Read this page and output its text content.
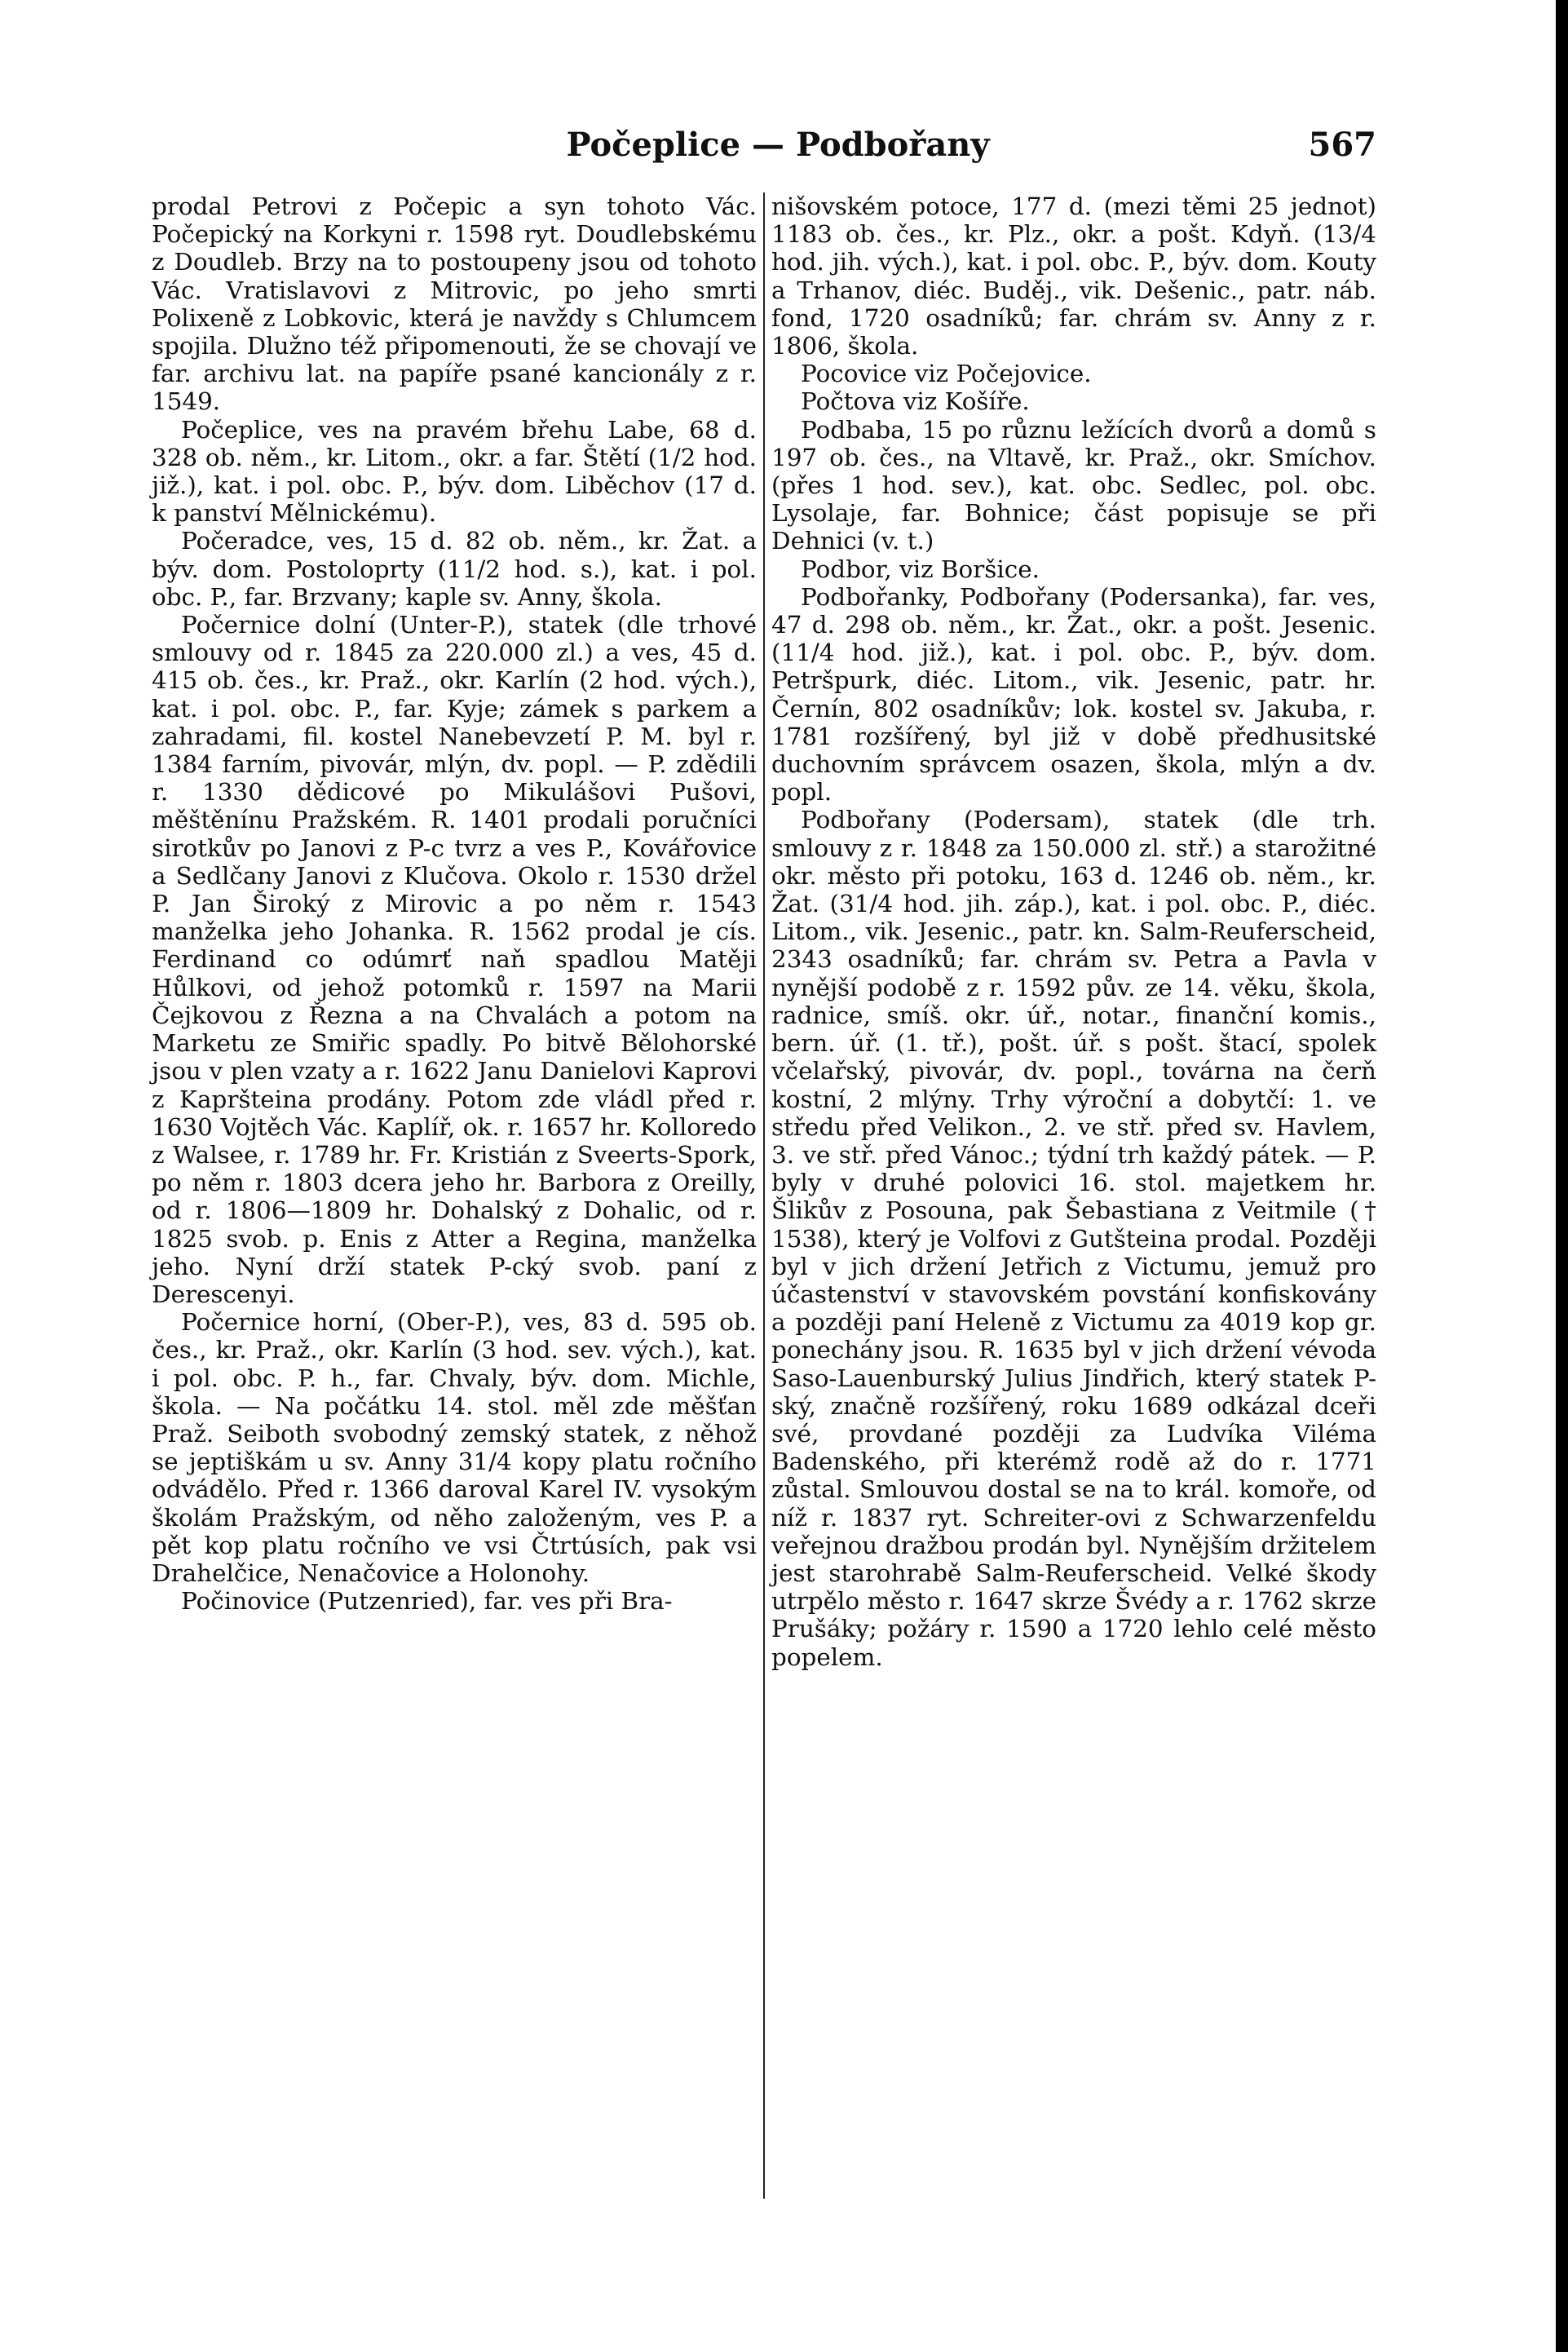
Počeplice — Podbořany	567

prodal Petrovi z Počepic a syn tohoto Vác. Počepický na Korkyni r. 1598 ryt. Doudlebskému z Doudleb. Brzy na to postoupeny jsou od tohoto Vác. Vratislavovi z Mitrovic, po jeho smrti Polixeně z Lobkovic, která je navždy s Chlumcem spojila. Dlužno též připomenouti, že se chovají ve far. archivu lat. na papíře psané kancionály z r. 1549.

Počeplice, ves na pravém břehu Labe, 68 d. 328 ob. něm., kr. Litom., okr. a far. Štětí (1/2 hod. již.), kat. i pol. obc. P., býv. dom. Liběchov (17 d. k panství Mělnickému).

Počeradce, ves, 15 d. 82 ob. něm., kr. Žat. a býv. dom. Postoloprty (11/2 hod. s.), kat. i pol. obc. P., far. Brzvany; kaple sv. Anny, škola.

Počernice dolní (Unter-P.), statek (dle trhové smlouvy od r. 1845 za 220.000 zl.) a ves, 45 d. 415 ob. čes., kr. Praž., okr. Karlín (2 hod. vých.), kat. i pol. obc. P., far. Kyje; zámek s parkem a zahradami, fil. kostel Nanebevzetí P. M. byl r. 1384 farním, pivovár, mlýn, dv. popl. — P. zdědili r. 1330 dědicové po Mikulášovi Pušovi, měštěnínu Pražském. R. 1401 prodali poručníci sirotkův po Janovi z P-c tvrz a ves P., Kovářovice a Sedlčany Janovi z Klučova. Okolo r. 1530 držel P. Jan Široký z Mirovic a po něm r. 1543 manželka jeho Johanka. R. 1562 prodal je cís. Ferdinand co odúmrť naň spadlou Matěji Hůlkovi, od jehož potomků r. 1597 na Marii Čejkovou z Řezna a na Chvalách a potom na Marketu ze Smiřic spadly. Po bitvě Bělohorské jsou v plen vzaty a r. 1622 Janu Danielovi Kaprovi z Kapršteina prodány. Potom zde vládl před r. 1630 Vojtěch Vác. Kaplíř, ok. r. 1657 hr. Kolloredo z Walsee, r. 1789 hr. Fr. Kristián z Sveerts-Spork, po něm r. 1803 dcera jeho hr. Barbora z Oreilly, od r. 1806—1809 hr. Dohalský z Dohalic, od r. 1825 svob. p. Enis z Atter a Regina, manželka jeho. Nyní drží statek P-cký svob. paní z Derescenyi.

Počernice horní, (Ober-P.), ves, 83 d. 595 ob. čes., kr. Praž., okr. Karlín (3 hod. sev. vých.), kat. i pol. obc. P. h., far. Chvaly, býv. dom. Michle, škola. — Na počátku 14. stol. měl zde měšťan Praž. Seiboth svobodný zemský statek, z něhož se jeptiškám u sv. Anny 31/4 kopy platu ročního odvádělo. Před r. 1366 daroval Karel IV. vysokým školám Pražským, od něho založeným, ves P. a pět kop platu ročního ve vsi Čtrtúsích, pak vsi Drahelčice, Nenačovice a Holonohy.

Počinovice (Putzenried), far. ves při Bra-

nišovském potoce, 177 d. (mezi těmi 25 jednot) 1183 ob. čes., kr. Plz., okr. a pošt. Kdyň. (13/4 hod. jih. vých.), kat. i pol. obc. P., býv. dom. Kouty a Trhanov, diéc. Buděj., vik. Dešenic., patr. náb. fond, 1720 osadníků; far. chrám sv. Anny z r. 1806, škola.

Pocovice viz Počejovice.

Počtova viz Košíře.

Podbaba, 15 po různu ležících dvorů a domů s 197 ob. čes., na Vltavě, kr. Praž., okr. Smíchov. (přes 1 hod. sev.), kat. obc. Sedlec, pol. obc. Lysolaje, far. Bohnice; část popisuje se při Dehnici (v. t.)

Podbor, viz Boršice.

Podbořanky, Podbořany (Podersanka), far. ves, 47 d. 298 ob. něm., kr. Žat., okr. a pošt. Jesenic. (11/4 hod. již.), kat. i pol. obc. P., býv. dom. Petršpurk, diéc. Litom., vik. Jesenic, patr. hr. Černín, 802 osadníkův; lok. kostel sv. Jakuba, r. 1781 rozšířený, byl již v době předhusitské duchovním správcem osazen, škola, mlýn a dv. popl.

Podbořany (Podersam), statek (dle trh. smlouvy z r. 1848 za 150.000 zl. stř.) a starožitné okr. město při potoku, 163 d. 1246 ob. něm., kr. Žat. (31/4 hod. jih. záp.), kat. i pol. obc. P., diéc. Litom., vik. Jesenic., patr. kn. Salm-Reuferscheid, 2343 osadníků; far. chrám sv. Petra a Pavla v nynější podobě z r. 1592 pův. ze 14. věku, škola, radnice, smíš. okr. úř., notar., finanční komis., bern. úř. (1. tř.), pošt. úř. s pošt. štací, spolek včelařský, pivovár, dv. popl., továrna na čerň kostní, 2 mlýny. Trhy výroční a dobytčí: 1. ve středu před Velikon., 2. ve stř. před sv. Havlem, 3. ve stř. před Vánoc.; týdní trh každý pátek. — P. byly v druhé polovici 16. stol. majetkem hr. Šlikův z Posouna, pak Šebastiana z Veitmile († 1538), který je Volfovi z Gutšteina prodal. Později byl v jich držení Jetřich z Victumu, jemuž pro účastenství v stavovském povstání konfiskovány a později paní Heleně z Victumu za 4019 kop gr. ponechány jsou. R. 1635 byl v jich držení vévoda Saso-Lauenburský Julius Jindřich, který statek P-ský, značně rozšířený, roku 1689 odkázal dceři své, provdané později za Ludvíka Viléma Badenského, při kterémž rodě až do r. 1771 zůstal. Smlouvou dostal se na to král. komoře, od níž r. 1837 ryt. Schreiter-ovi z Schwarzenfeldu veřejnou dražbou prodán byl. Nynějším držitelem jest starohrabě Salm-Reuferscheid. Velké škody utrpělo město r. 1647 skrze Švédy a r. 1762 skrze Prušáky; požáry r. 1590 a 1720 lehlo celé město popelem.
